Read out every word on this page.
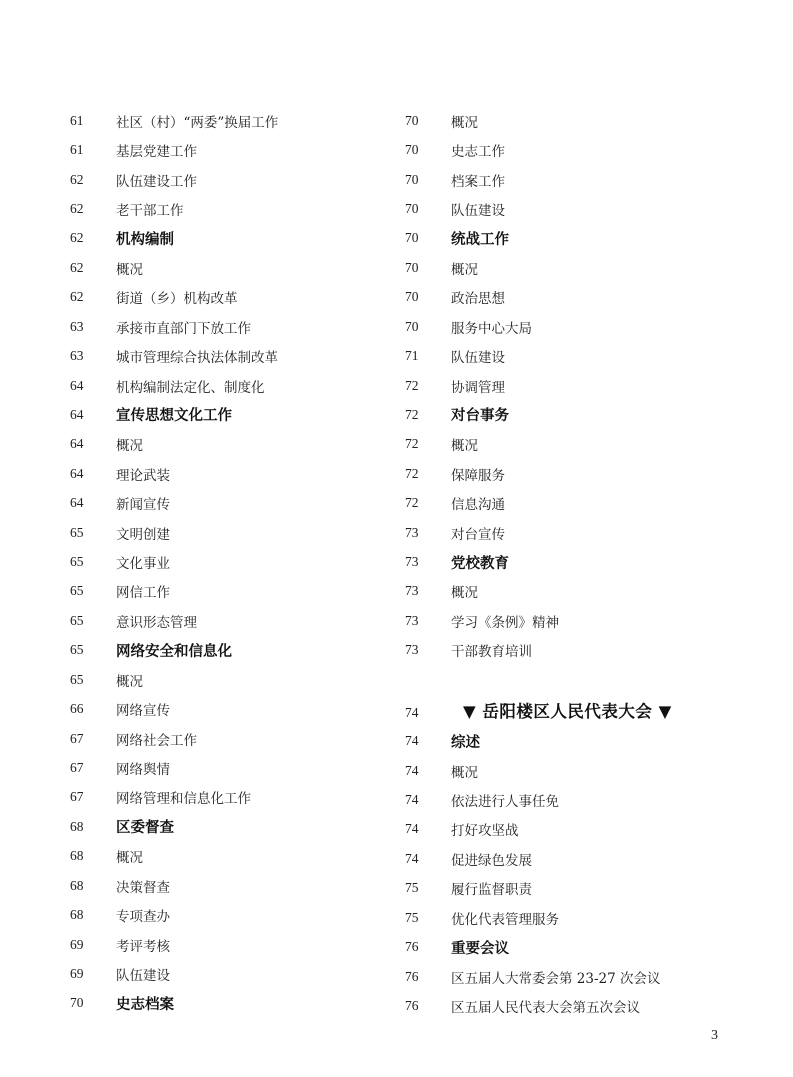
61	社区（村）“两委”换届工作
61	基层党建工作
62	队伍建设工作
62	老干部工作
62	机构编制
62	概况
62	街道（乡）机构改革
63	承接市直部门下放工作
63	城市管理综合执法体制改革
64	机构编制法定化、制度化
64	宣传思想文化工作
64	概况
64	理论武装
64	新闻宣传
65	文明创建
65	文化事业
65	网信工作
65	意识形态管理
65	网络安全和信息化
65	概况
66	网络宣传
67	网络社会工作
67	网络舆情
67	网络管理和信息化工作
68	区委督查
68	概况
68	决策督查
68	专项查办
69	考评考核
69	队伍建设
70	史志档案
70	概况
70	史志工作
70	档案工作
70	队伍建设
70	统战工作
70	概况
70	政治思想
70	服务中心大局
71	队伍建设
72	协调管理
72	对台事务
72	概况
72	保障服务
72	信息沟通
73	对台宣传
73	党校教育
73	概况
73	学习《条例》精神
73	干部教育培训
74	▼ 岳阳楼区人民代表大会 ▼
74	综述
74	概况
74	依法进行人事任免
74	打好攻坚战
74	促进绿色发展
75	履行监督职责
75	优化代表管理服务
76	重要会议
76	区五届人大常委会第 23-27 次会议
76	区五届人民代表大会第五次会议
3
